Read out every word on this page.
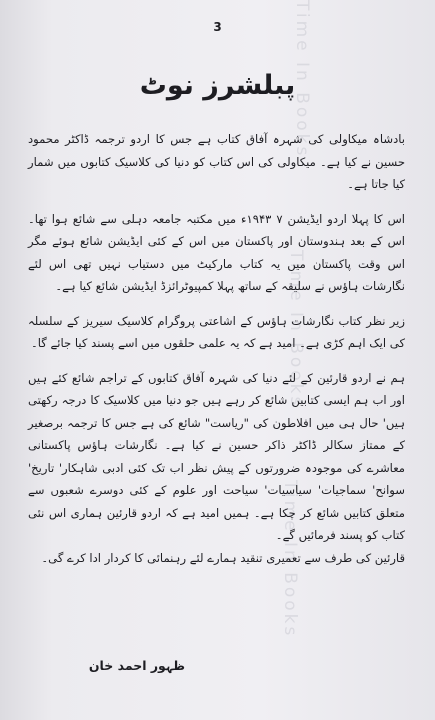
Time In Books
Time In Books
Time In Books
3
پبلشرز نوٹ

بادشاہ میکاولی کی شہرہ آفاق کتاب ہے جس کا اردو ترجمہ ڈاکٹر محمود حسین نے کیا ہے۔ میکاولی کی اس کتاب کو دنیا کی کلاسیک کتابوں میں شمار کیا جاتا ہے۔

اس کا پہلا اردو ایڈیشن ۷ ۱۹۴۳ء میں مکتبہ جامعہ دہلی سے شائع ہوا تھا۔ اس کے بعد ہندوستان اور پاکستان میں اس کے کئی ایڈیشن شائع ہوئے مگر اس وقت پاکستان میں یہ کتاب مارکیٹ میں دستیاب نہیں تھی اس لئے نگارشات ہاؤس نے سلیقہ کے ساتھ پہلا کمپیوٹرائزڈ ایڈیشن شائع کیا ہے۔

زیر نظر کتاب نگارشات ہاؤس کے اشاعتی پروگرام کلاسیک سیریز کے سلسلہ کی ایک اہم کڑی ہے۔ امید ہے کہ یہ علمی حلقوں میں اسے پسند کیا جائے گا۔

ہم نے اردو قارئین کے لئے دنیا کی شہرہ آفاق کتابوں کے تراجم شائع کئے ہیں اور اب ہم ایسی کتابیں شائع کر رہے ہیں جو دنیا میں کلاسیک کا درجہ رکھتی ہیں' حال ہی میں افلاطون کی "ریاست" شائع کی ہے جس کا ترجمہ برصغیر کے ممتاز سکالر ڈاکٹر ذاکر حسین نے کیا ہے۔ نگارشات ہاؤس پاکستانی معاشرے کی موجودہ ضرورتوں کے پیش نظر اب تک کئی ادبی شاہکار' تاریخ' سوانح' سماجیات' سیاسیات' سیاحت اور علوم کے کئی دوسرے شعبوں سے متعلق کتابیں شائع کر چکا ہے۔ ہمیں امید ہے کہ اردو قارئین ہماری اس نئی کتاب کو پسند فرمائیں گے۔

قارئین کی طرف سے تعمیری تنقید ہمارے لئے رہنمائی کا کردار ادا کرے گی۔

ظہور احمد خان
